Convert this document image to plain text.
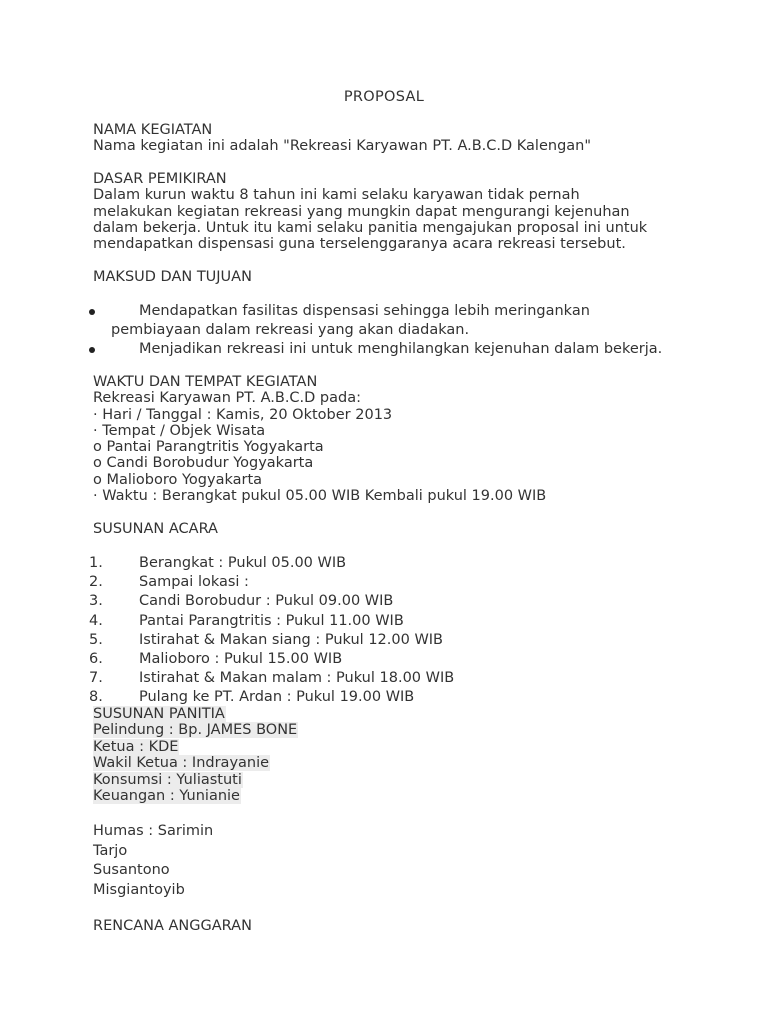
PROPOSAL
NAMA KEGIATAN
Nama kegiatan ini adalah "Rekreasi Karyawan PT. A.B.C.D Kalengan"
DASAR PEMIKIRAN
Dalam kurun waktu 8 tahun ini kami selaku karyawan tidak pernah
melakukan kegiatan rekreasi yang mungkin dapat mengurangi kejenuhan
dalam bekerja. Untuk itu kami selaku panitia mengajukan proposal ini untuk
mendapatkan dispensasi guna terselenggaranya acara rekreasi tersebut.
MAKSUD DAN TUJUAN
Mendapatkan fasilitas dispensasi sehingga lebih meringankan
pembiayaan dalam rekreasi yang akan diadakan.
Menjadikan rekreasi ini untuk menghilangkan kejenuhan dalam bekerja.
WAKTU DAN TEMPAT KEGIATAN
Rekreasi Karyawan PT. A.B.C.D pada:
· Hari / Tanggal : Kamis, 20 Oktober 2013
· Tempat / Objek Wisata
o Pantai Parangtritis Yogyakarta
o Candi Borobudur Yogyakarta
o Malioboro Yogyakarta
· Waktu : Berangkat pukul 05.00 WIB Kembali pukul 19.00 WIB
SUSUNAN ACARA
1.	Berangkat : Pukul 05.00 WIB
2.	Sampai lokasi :
3.	Candi Borobudur : Pukul 09.00 WIB
4.	Pantai Parangtritis : Pukul 11.00 WIB
5.	Istirahat & Makan siang : Pukul 12.00 WIB
6.	Malioboro : Pukul 15.00 WIB
7.	Istirahat & Makan malam : Pukul 18.00 WIB
8.	Pulang ke PT. Ardan : Pukul 19.00 WIB
SUSUNAN PANITIA
Pelindung : Bp. JAMES BONE
Ketua : KDE
Wakil Ketua : Indrayanie
Konsumsi : Yuliastuti
Keuangan : Yunianie
Humas : Sarimin
Tarjo
Susantono
Misgiantoyib
RENCANA ANGGARAN
